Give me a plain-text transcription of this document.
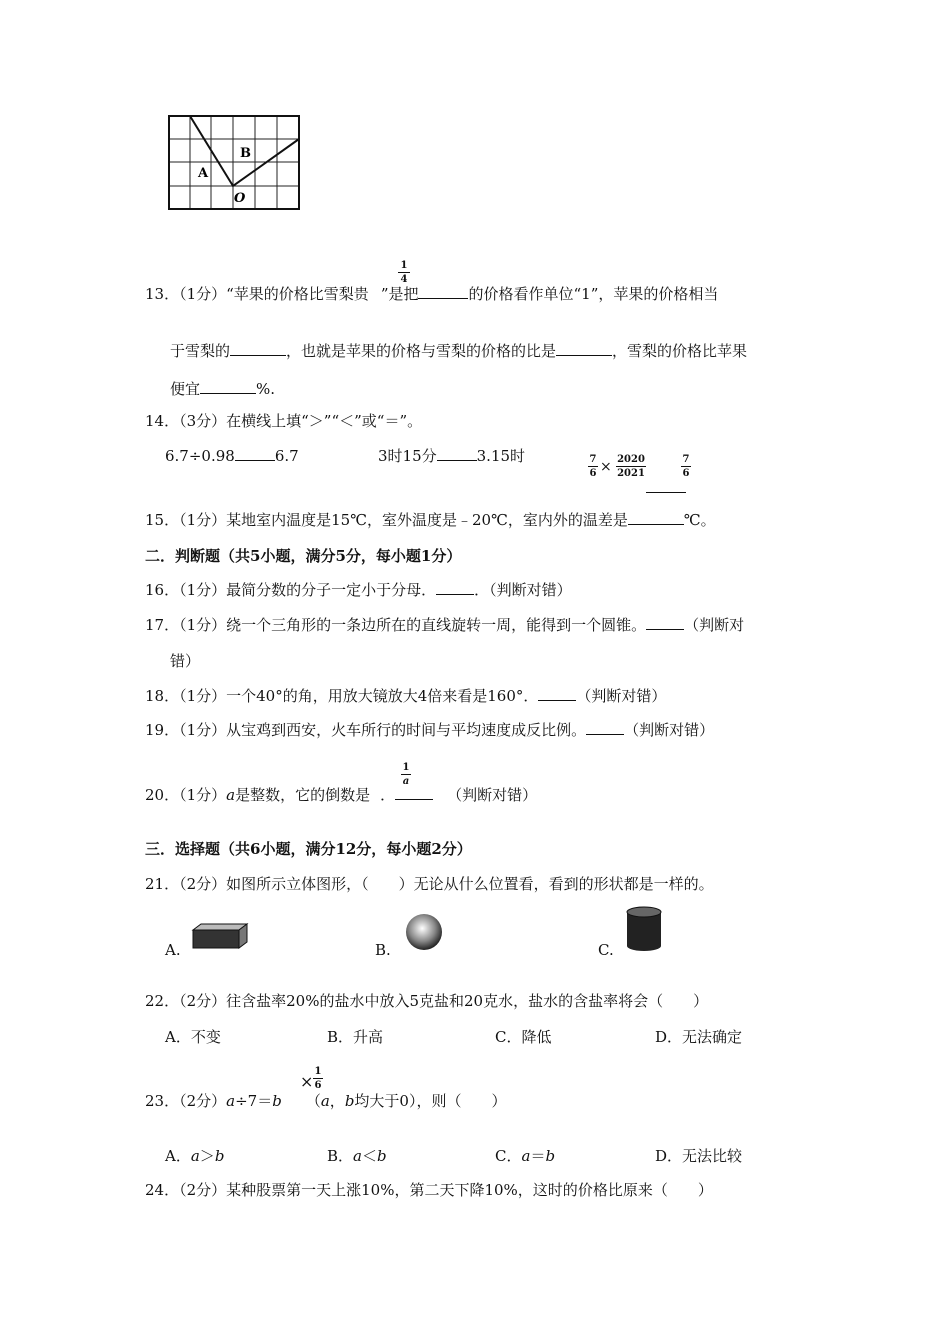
A
B
O
1
4
13．（1分）“苹果的价格比雪梨贵 ”是把	的价格看作单位“1”，苹果的价格相当
于雪梨的	，也就是苹果的价格与雪梨的价格的比是	，雪梨的价格比苹果
便宜	%.
14．（3分）在横线上填“＞”“＜”或“＝”。
6.7÷0.98	6.7	3时15分	3.15时	7
6 × 2020
2021
7
6
15．（1分）某地室内温度是15℃，室外温度是﹣20℃，室内外的温差是	℃。
二．判断题（共5小题，满分5分，每小题1分）
16．（1分）最简分数的分子一定小于分母．	．（判断对错）
17．（1分）绕一个三角形的一条边所在的直线旋转一周，能得到一个圆锥。	（判断对
错）
18．（1分）一个40°的角，用放大镜放大4倍来看是160°．	（判断对错）
19．（1分）从宝鸡到西安，火车所行的时间与平均速度成反比例。	（判断对错）
1
a
20．（1分）a是整数，它的倒数是 ．	（判断对错）
三．选择题（共6小题，满分12分，每小题2分）
21．（2分）如图所示立体图形，（　　）无论从什么位置看，看到的形状都是一样的。
A.	B.	C.
22．（2分）往含盐率20%的盐水中放入5克盐和20克水，盐水的含盐率将会（　　）
A．不变	B．升高	C．降低	D．无法确定
×
1
6
23．（2分）a÷7＝b （a，b均大于0），则（　　）
A．a＞b	B．a＜b	C．a＝b	D．无法比较
24．（2分）某种股票第一天上涨10%，第二天下降10%，这时的价格比原来（　　）
